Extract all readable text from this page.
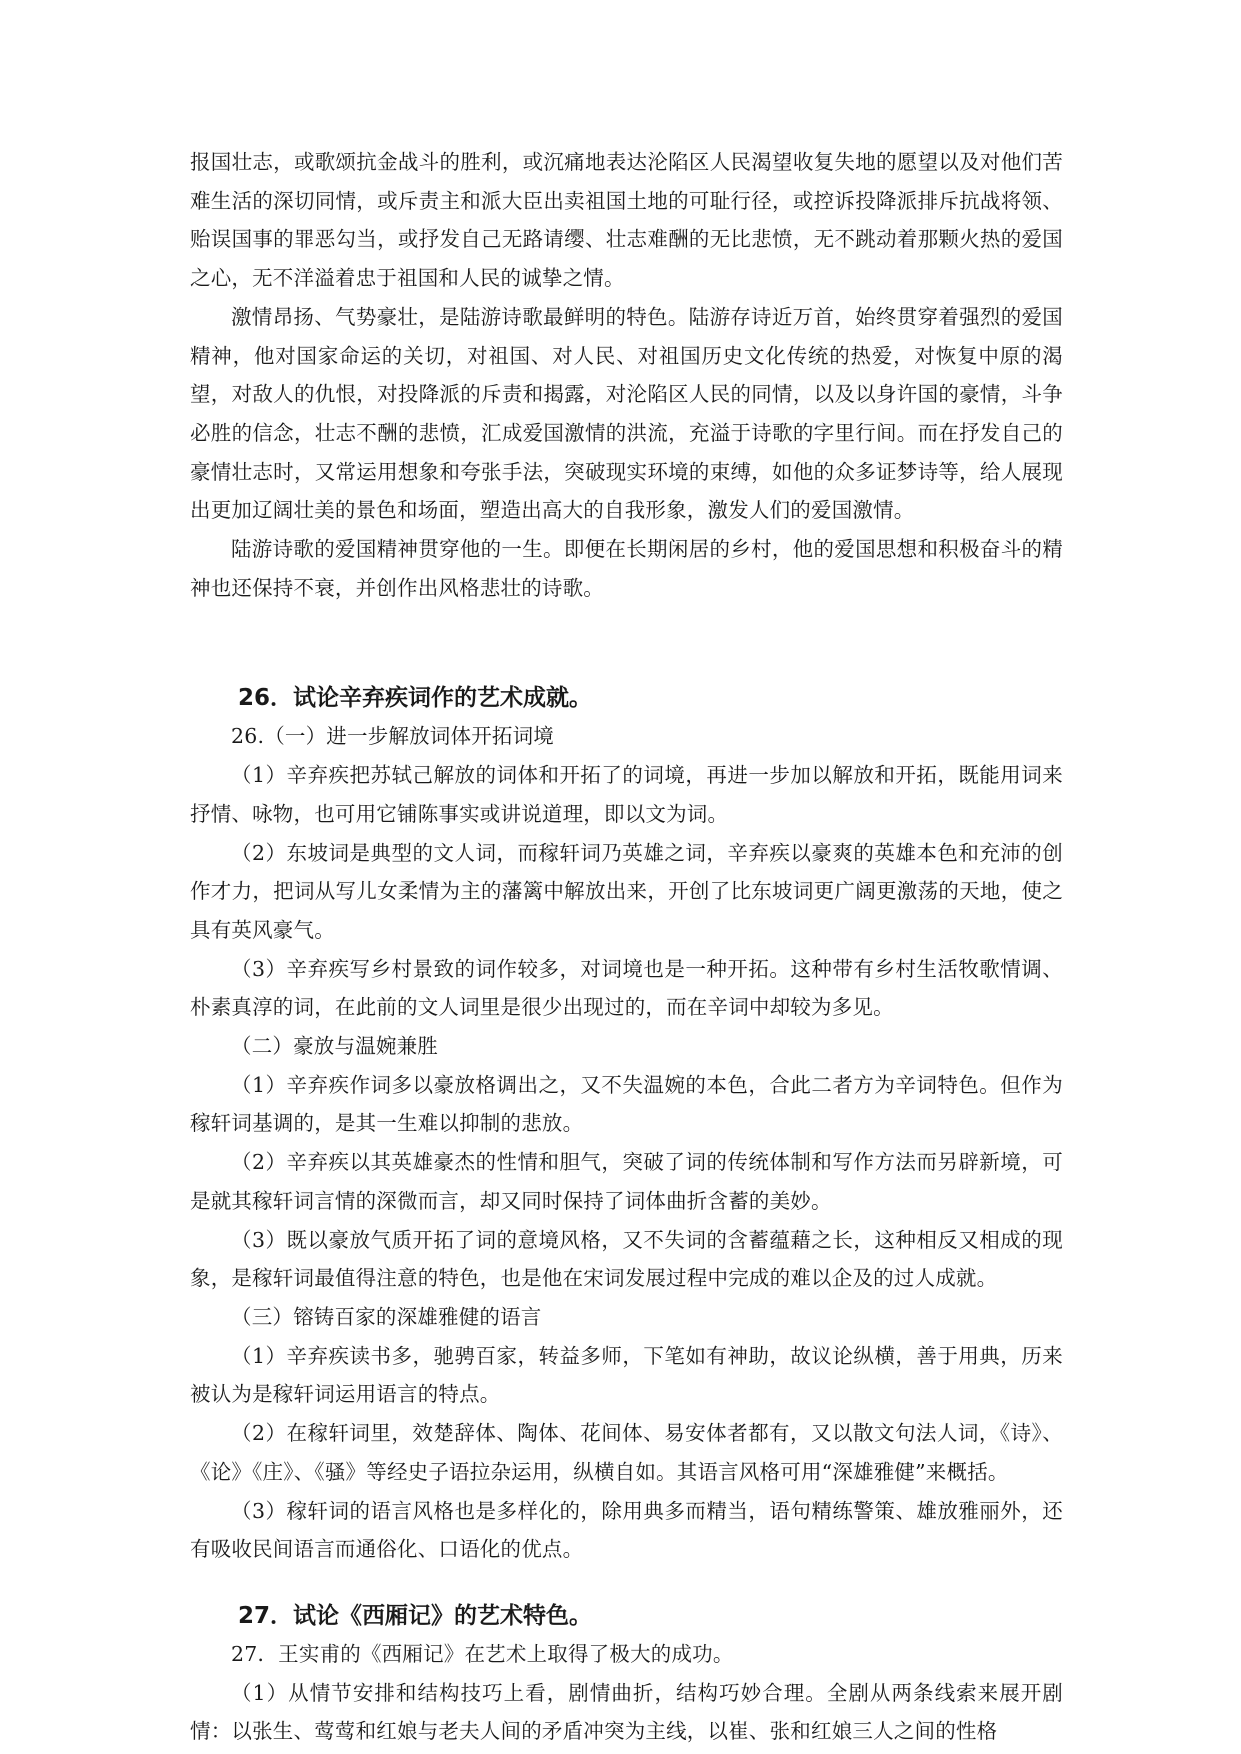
报国壮志，或歌颂抗金战斗的胜利，或沉痛地表达沦陷区人民渴望收复失地的愿望以及对他们苦难生活的深切同情，或斥责主和派大臣出卖祖国土地的可耻行径，或控诉投降派排斥抗战将领、贻误国事的罪恶勾当，或抒发自己无路请缨、壮志难酬的无比悲愤，无不跳动着那颗火热的爱国之心，无不洋溢着忠于祖国和人民的诚挚之情。

激情昂扬、气势豪壮，是陆游诗歌最鲜明的特色。陆游存诗近万首，始终贯穿着强烈的爱国精神，他对国家命运的关切，对祖国、对人民、对祖国历史文化传统的热爱，对恢复中原的渴望，对敌人的仇恨，对投降派的斥责和揭露，对沦陷区人民的同情，以及以身许国的豪情，斗争必胜的信念，壮志不酬的悲愤，汇成爱国激情的洪流，充溢于诗歌的字里行间。而在抒发自己的豪情壮志时，又常运用想象和夸张手法，突破现实环境的束缚，如他的众多证梦诗等，给人展现出更加辽阔壮美的景色和场面，塑造出高大的自我形象，激发人们的爱国激情。

陆游诗歌的爱国精神贯穿他的一生。即便在长期闲居的乡村，他的爱国思想和积极奋斗的精神也还保持不衰，并创作出风格悲壮的诗歌。

26．试论辛弃疾词作的艺术成就。

26.（一）进一步解放词体开拓词境

（1）辛弃疾把苏轼己解放的词体和开拓了的词境，再进一步加以解放和开拓，既能用词来抒情、咏物，也可用它铺陈事实或讲说道理，即以文为词。

（2）东坡词是典型的文人词，而稼轩词乃英雄之词，辛弃疾以豪爽的英雄本色和充沛的创作才力，把词从写儿女柔情为主的藩篱中解放出来，开创了比东坡词更广阔更激荡的天地，使之具有英风豪气。

（3）辛弃疾写乡村景致的词作较多，对词境也是一种开拓。这种带有乡村生活牧歌情调、朴素真淳的词，在此前的文人词里是很少出现过的，而在辛词中却较为多见。

（二）豪放与温婉兼胜

（1）辛弃疾作词多以豪放格调出之，又不失温婉的本色，合此二者方为辛词特色。但作为稼轩词基调的，是其一生难以抑制的悲放。

（2）辛弃疾以其英雄豪杰的性情和胆气，突破了词的传统体制和写作方法而另辟新境，可是就其稼轩词言情的深微而言，却又同时保持了词体曲折含蓄的美妙。

（3）既以豪放气质开拓了词的意境风格，又不失词的含蓄蕴藉之长，这种相反又相成的现象，是稼轩词最值得注意的特色，也是他在宋词发展过程中完成的难以企及的过人成就。

（三）镕铸百家的深雄雅健的语言

（1）辛弃疾读书多，驰骋百家，转益多师，下笔如有神助，故议论纵横，善于用典，历来被认为是稼轩词运用语言的特点。

（2）在稼轩词里，效楚辞体、陶体、花间体、易安体者都有，又以散文句法人词，《诗》、《论》《庄》、《骚》等经史子语拉杂运用，纵横自如。其语言风格可用“深雄雅健”来概括。

（3）稼轩词的语言风格也是多样化的，除用典多而精当，语句精练警策、雄放雅丽外，还有吸收民间语言而通俗化、口语化的优点。

27．试论《西厢记》的艺术特色。

27．王实甫的《西厢记》在艺术上取得了极大的成功。

（1）从情节安排和结构技巧上看，剧情曲折，结构巧妙合理。全剧从两条线索来展开剧情：以张生、莺莺和红娘与老夫人间的矛盾冲突为主线，以崔、张和红娘三人之间的性格
